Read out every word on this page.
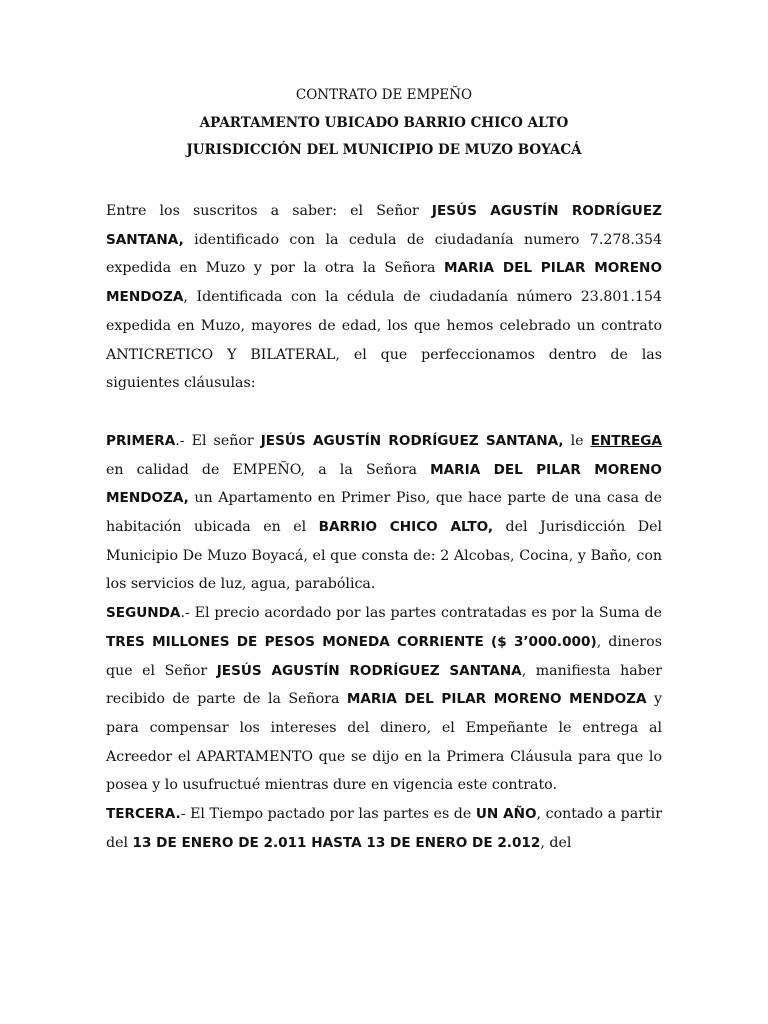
CONTRATO DE EMPEÑO
APARTAMENTO UBICADO BARRIO CHICO ALTO
JURISDICCIÓN DEL MUNICIPIO DE MUZO BOYACÁ

Entre los suscritos a saber: el Señor JESÚS AGUSTÍN RODRÍGUEZ SANTANA, identificado con la cedula de ciudadanía numero 7.278.354 expedida en Muzo y por la otra la Señora MARIA DEL PILAR MORENO MENDOZA, Identificada con la cédula de ciudadanía número 23.801.154 expedida en Muzo, mayores de edad, los que hemos celebrado un contrato ANTICRETICO Y BILATERAL, el que perfeccionamos dentro de las siguientes cláusulas:

PRIMERA.- El señor JESÚS AGUSTÍN RODRÍGUEZ SANTANA, le ENTREGA en calidad de EMPEÑO, a la Señora MARIA DEL PILAR MORENO MENDOZA, un Apartamento en Primer Piso, que hace parte de una casa de habitación ubicada en el BARRIO CHICO ALTO, del Jurisdicción Del Municipio De Muzo Boyacá, el que consta de: 2 Alcobas, Cocina, y Baño, con los servicios de luz, agua, parabólica.

SEGUNDA.- El precio acordado por las partes contratadas es por la Suma de TRES MILLONES DE PESOS MONEDA CORRIENTE ($ 3’000.000), dineros que el Señor JESÚS AGUSTÍN RODRÍGUEZ SANTANA, manifiesta haber recibido de parte de la Señora MARIA DEL PILAR MORENO MENDOZA y para compensar los intereses del dinero, el Empeñante le entrega al Acreedor el APARTAMENTO que se dijo en la Primera Cláusula para que lo posea y lo usufructué mientras dure en vigencia este contrato.

TERCERA.- El Tiempo pactado por las partes es de UN AÑO, contado a partir del 13 DE ENERO DE 2.011 HASTA 13 DE ENERO DE 2.012, del
